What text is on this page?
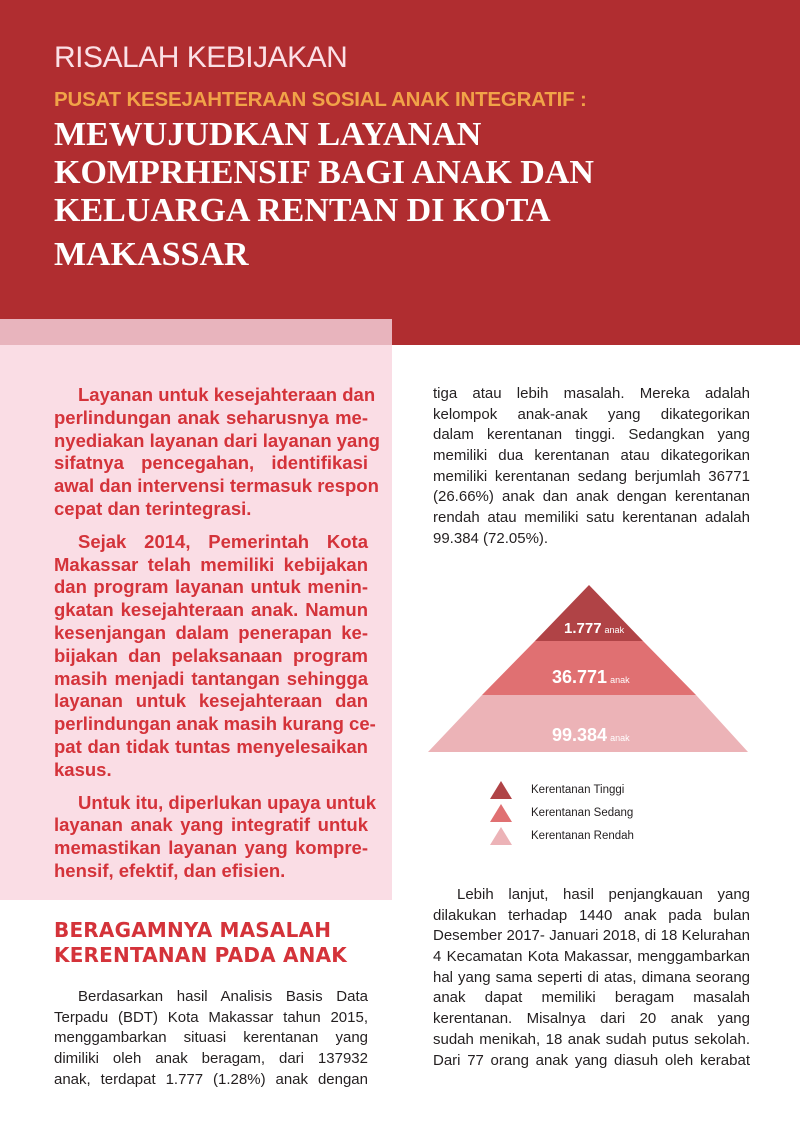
RISALAH KEBIJAKAN
PUSAT KESEJAHTERAAN SOSIAL ANAK INTEGRATIF :
MEWUJUDKAN LAYANAN
KOMPRHENSIF BAGI ANAK DAN
KELUARGA RENTAN DI KOTA
MAKASSAR
Layanan untuk kesejahteraan dan
perlindungan anak seharusnya me-
nyediakan layanan dari layanan yang
sifatnya pencegahan, identifikasi
awal dan intervensi termasuk respon
cepat dan terintegrasi.
Sejak 2014, Pemerintah Kota
Makassar telah memiliki kebijakan
dan program layanan untuk menin-
gkatan kesejahteraan anak. Namun
kesenjangan dalam penerapan ke-
bijakan dan pelaksanaan program
masih menjadi tantangan sehingga
layanan untuk kesejahteraan dan
perlindungan anak masih kurang ce-
pat dan tidak tuntas menyelesaikan
kasus.
Untuk itu, diperlukan upaya untuk
layanan anak yang integratif untuk
memastikan layanan yang kompre-
hensif, efektif, dan efisien.
BERAGAMNYA MASALAH
KERENTANAN PADA ANAK
Berdasarkan hasil Analisis Basis Data
Terpadu (BDT) Kota Makassar tahun 2015,
menggambarkan situasi kerentanan yang
dimiliki oleh anak beragam, dari 137932
anak, terdapat 1.777 (1.28%) anak dengan
tiga atau lebih masalah. Mereka adalah
kelompok anak-anak yang dikategorikan
dalam kerentanan tinggi. Sedangkan yang
memiliki dua kerentanan atau dikategorikan
memiliki kerentanan sedang berjumlah 36771
(26.66%) anak dan anak dengan kerentanan
rendah atau memiliki satu kerentanan adalah
99.384 (72.05%).
1.777 anak
36.771 anak
99.384 anak
Kerentanan Tinggi
Kerentanan Sedang
Kerentanan Rendah
Lebih lanjut, hasil penjangkauan yang
dilakukan terhadap 1440 anak pada bulan
Desember 2017- Januari 2018, di 18 Kelurahan
4 Kecamatan Kota Makassar, menggambarkan
hal yang sama seperti di atas, dimana seorang
anak dapat memiliki beragam masalah
kerentanan. Misalnya dari 20 anak yang
sudah menikah, 18 anak sudah putus sekolah.
Dari 77 orang anak yang diasuh oleh kerabat
